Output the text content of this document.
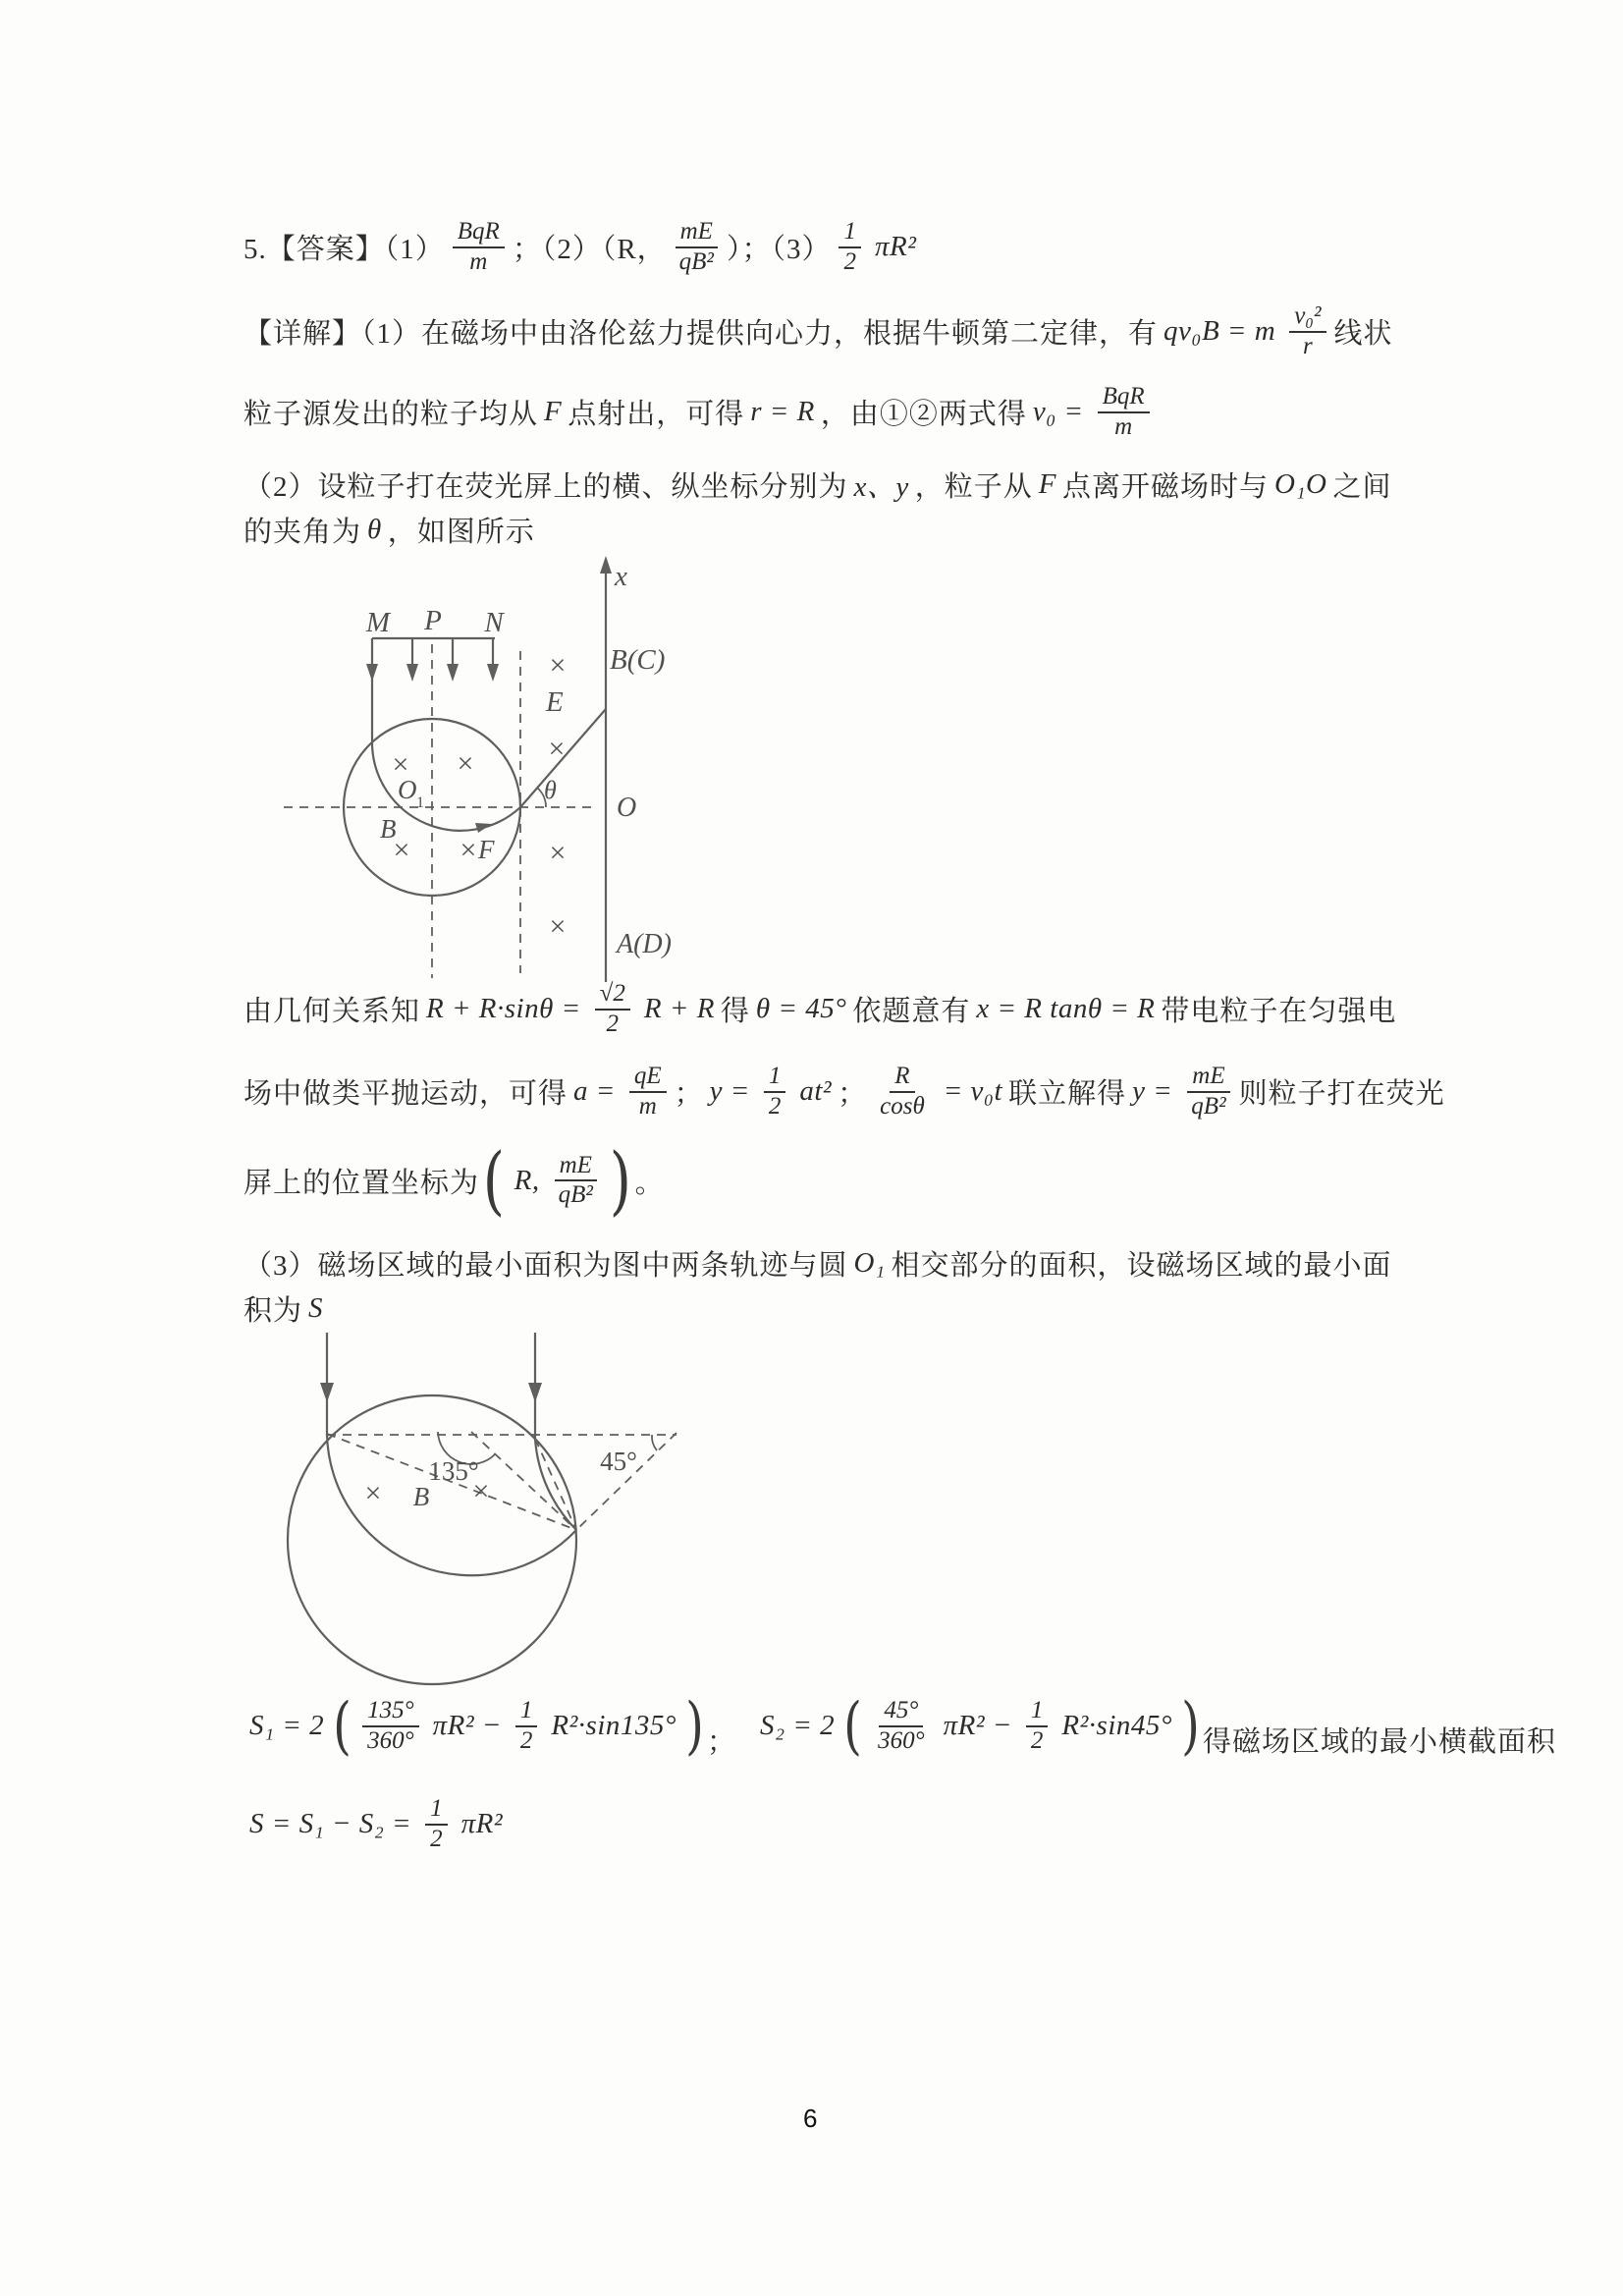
5.【答案】$(1) \frac{\text{BqR}}{m}$ ；（2）（R， $\frac{mE}{\text{qB²}}$ ）；$(3) \frac{1}{2} \pi R^2$
【详解】（1）在磁场中由洛伦兹力提供向心力，根据牛顿第二定律，有 qv₀B = m $\frac{\text{v₀²}}{r}$ 线状
粒子源发出的粒子均从 F 点射出，可得 r = R ，由①②两式得 $v_0 = \frac{\text{BqR}}{m}$
（2）设粒子打在荧光屏上的横、纵坐标分别为 x、y ，粒子从 F 点离开磁场时与 O₁O 之间
的夹角为 θ ，如图所示
M P N
x
B(C)
E
O 1
B
F
θ
O
A(D)
× ×
× ×
×
×
×
×
由几何关系知 $R + R\cdot\sin\theta = \frac{√2}{2}$ R + R 得 θ = 45° 依题意有 x = R tanθ = R 带电粒子在匀强电
场中做类平抛运动，可得 $a = \frac{qE}{m}$ ； $y = \frac{1}{2} at^2$ ； $\frac{R}{\cos\theta} = v_0t$ 联立解得 $y = \frac{mE}{\text{qB²}}$ 则粒子打在荧光
屏上的位置坐标为 ( R, $\frac{mE}{\text{qB²}}$ ) 。
（3）磁场区域的最小面积为图中两条轨迹与圆 O₁ 相交部分的面积，设磁场区域的最小面
积为 S
135°	45°
B
×	×
S₁ = 2 ( $\frac{135^\circ}{360^\circ} \pi R^2 - \frac{1}{2} R^2\cdot\sin 135^\circ$ ) ；
S₂ = 2 ( $\frac{45^\circ}{360^\circ} \pi R^2 - \frac{1}{2} R^2\cdot\sin 45^\circ$ ) 得磁场区域的最小横截面积
$S = S_1 - S_2 = \frac{1}{2} \pi R^2$
6
